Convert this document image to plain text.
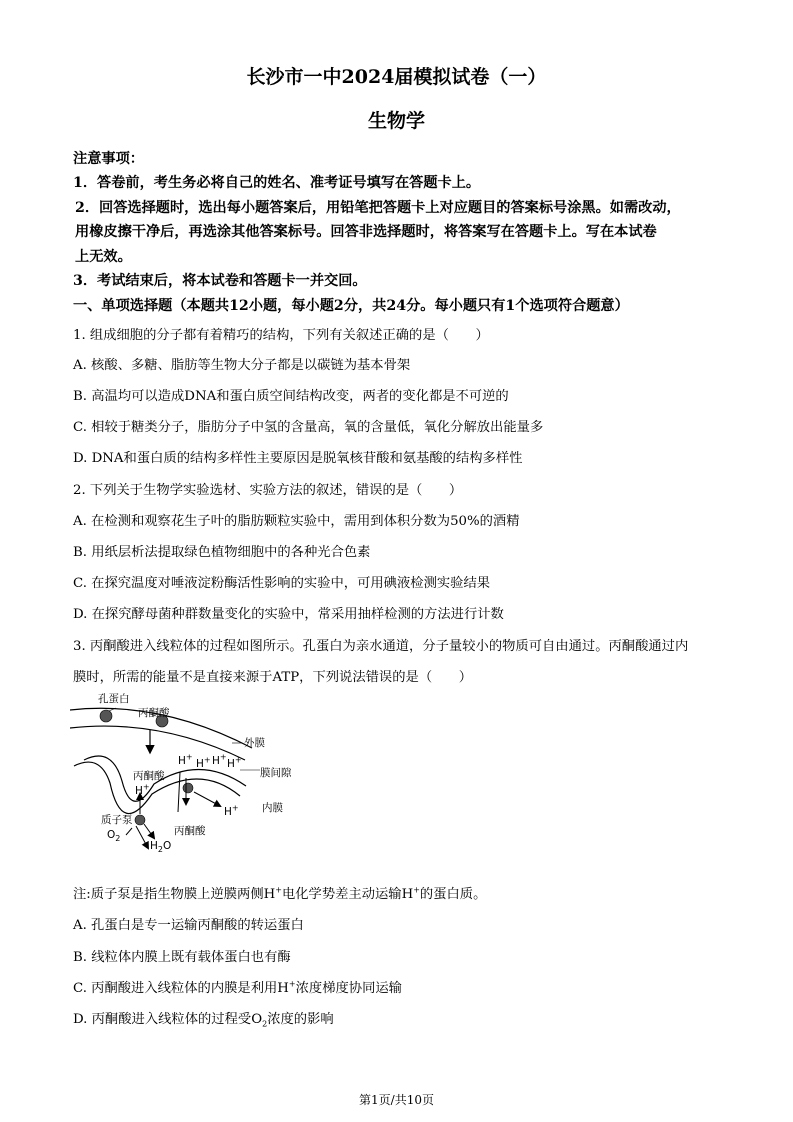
长沙市一中2024届模拟试卷（一）
生物学
注意事项：
1．答卷前，考生务必将自己的姓名、准考证号填写在答题卡上。
2．回答选择题时，选出每小题答案后，用铅笔把答题卡上对应题目的答案标号涂黑。如需改动，
用橡皮擦干净后，再选涂其他答案标号。回答非选择题时，将答案写在答题卡上。写在本试卷
上无效。
3．考试结束后，将本试卷和答题卡一并交回。
一、单项选择题（本题共12小题，每小题2分，共24分。每小题只有1个选项符合题意）
1. 组成细胞的分子都有着精巧的结构，下列有关叙述正确的是（　　）
A. 核酸、多糖、脂肪等生物大分子都是以碳链为基本骨架
B. 高温均可以造成DNA和蛋白质空间结构改变，两者的变化都是不可逆的
C. 相较于糖类分子，脂肪分子中氢的含量高，氧的含量低，氧化分解放出能量多
D. DNA和蛋白质的结构多样性主要原因是脱氧核苷酸和氨基酸的结构多样性
2. 下列关于生物学实验选材、实验方法的叙述，错误的是（　　）
A. 在检测和观察花生子叶的脂肪颗粒实验中，需用到体积分数为50%的酒精
B. 用纸层析法提取绿色植物细胞中的各种光合色素
C. 在探究温度对唾液淀粉酶活性影响的实验中，可用碘液检测实验结果
D. 在探究酵母菌种群数量变化的实验中，常采用抽样检测的方法进行计数
3. 丙酮酸进入线粒体的过程如图所示。孔蛋白为亲水通道，分子量较小的物质可自由通过。丙酮酸通过内
膜时，所需的能量不是直接来源于ATP，下列说法错误的是（　　）
孔蛋白
丙酮酸
外膜
膜间隙
内膜
丙酮酸
丙酮酸
质子泵
$O_2$
$H_2O$
H+
H+
H+ H+
H+
H+
注:质子泵是指生物膜上逆膜两侧H+电化学势差主动运输H+的蛋白质。
A. 孔蛋白是专一运输丙酮酸的转运蛋白
B. 线粒体内膜上既有载体蛋白也有酶
C. 丙酮酸进入线粒体的内膜是利用H+浓度梯度协同运输
D. 丙酮酸进入线粒体的过程受$O_2$浓度的影响
第1页/共10页
